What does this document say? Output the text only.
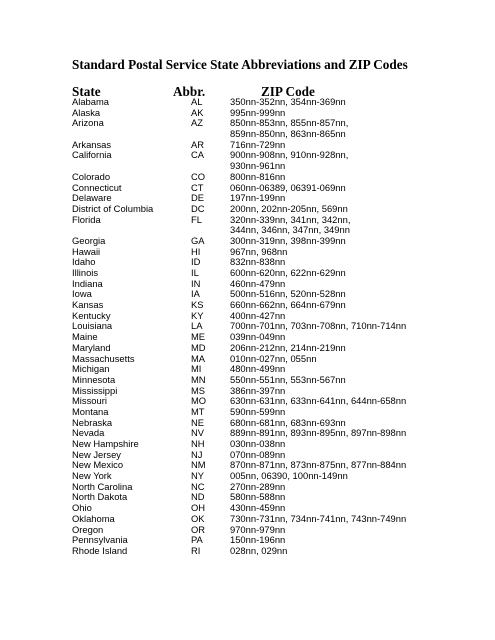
Standard Postal Service State Abbreviations and ZIP Codes
State	Abbr.	ZIP Code
Alabama	AL	350nn-352nn, 354nn-369nn
Alaska	AK	995nn-999nn
Arizona	AZ	850nn-853nn, 855nn-857nn,
859nn-850nn, 863nn-865nn
Arkansas	AR	716nn-729nn
California	CA	900nn-908nn, 910nn-928nn,
930nn-961nn
Colorado	CO	800nn-816nn
Connecticut	CT	060nn-06389, 06391-069nn
Delaware	DE	197nn-199nn
District of Columbia	DC	200nn, 202nn-205nn, 569nn
Florida	FL	320nn-339nn, 341nn, 342nn,
344nn, 346nn, 347nn, 349nn
Georgia	GA	300nn-319nn, 398nn-399nn
Hawaii	HI	967nn, 968nn
Idaho	ID	832nn-838nn
Illinois	IL	600nn-620nn, 622nn-629nn
Indiana	IN	460nn-479nn
Iowa	IA	500nn-516nn, 520nn-528nn
Kansas	KS	660nn-662nn, 664nn-679nn
Kentucky	KY	400nn-427nn
Louisiana	LA	700nn-701nn, 703nn-708nn, 710nn-714nn
Maine	ME	039nn-049nn
Maryland	MD	206nn-212nn, 214nn-219nn
Massachusetts	MA	010nn-027nn, 055nn
Michigan	MI	480nn-499nn
Minnesota	MN	550nn-551nn, 553nn-567nn
Mississippi	MS	386nn-397nn
Missouri	MO	630nn-631nn, 633nn-641nn, 644nn-658nn
Montana	MT	590nn-599nn
Nebraska	NE	680nn-681nn, 683nn-693nn
Nevada	NV	889nn-891nn, 893nn-895nn, 897nn-898nn
New Hampshire	NH	030nn-038nn
New Jersey	NJ	070nn-089nn
New Mexico	NM	870nn-871nn, 873nn-875nn, 877nn-884nn
New York	NY	005nn, 06390, 100nn-149nn
North Carolina	NC	270nn-289nn
North Dakota	ND	580nn-588nn
Ohio	OH	430nn-459nn
Oklahoma	OK	730nn-731nn, 734nn-741nn, 743nn-749nn
Oregon	OR	970nn-979nn
Pennsylvania	PA	150nn-196nn
Rhode Island	RI	028nn, 029nn
